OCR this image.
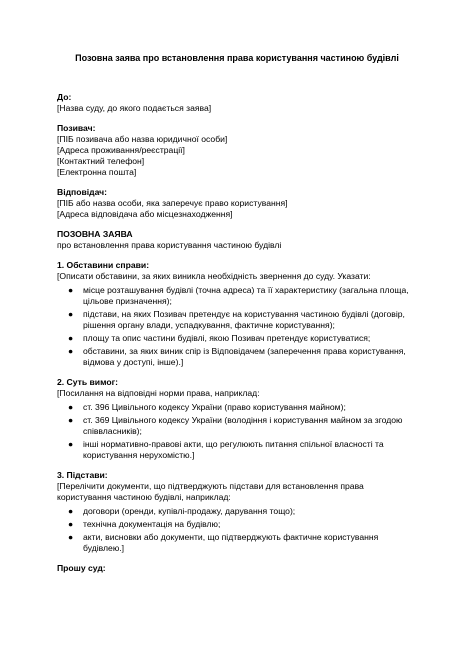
Позовна заява про встановлення права користування частиною будівлі
До:
[Назва суду, до якого подається заява]
Позивач:
[ПІБ позивача або назва юридичної особи]
[Адреса проживання/реєстрації]
[Контактний телефон]
[Електронна пошта]
Відповідач:
[ПІБ або назва особи, яка заперечує право користування]
[Адреса відповідача або місцезнаходження]
ПОЗОВНА ЗАЯВА
про встановлення права користування частиною будівлі
1. Обставини справи:
[Описати обставини, за яких виникла необхідність звернення до суду. Указати:
● місце розташування будівлі (точна адреса) та її характеристику (загальна площа, цільове призначення);
● підстави, на яких Позивач претендує на користування частиною будівлі (договір, рішення органу влади, успадкування, фактичне користування);
● площу та опис частини будівлі, якою Позивач претендує користуватися;
● обставини, за яких виник спір із Відповідачем (заперечення права користування, відмова у доступі, інше).]
2. Суть вимог:
[Посилання на відповідні норми права, наприклад:
● ст. 396 Цивільного кодексу України (право користування майном);
● ст. 369 Цивільного кодексу України (володіння і користування майном за згодою співвласників);
● інші нормативно-правові акти, що регулюють питання спільної власності та користування нерухомістю.]
3. Підстави:
[Перелічити документи, що підтверджують підстави для встановлення права користування частиною будівлі, наприклад:
● договори (оренди, купівлі-продажу, дарування тощо);
● технічна документація на будівлю;
● акти, висновки або документи, що підтверджують фактичне користування будівлею.]
Прошу суд:
